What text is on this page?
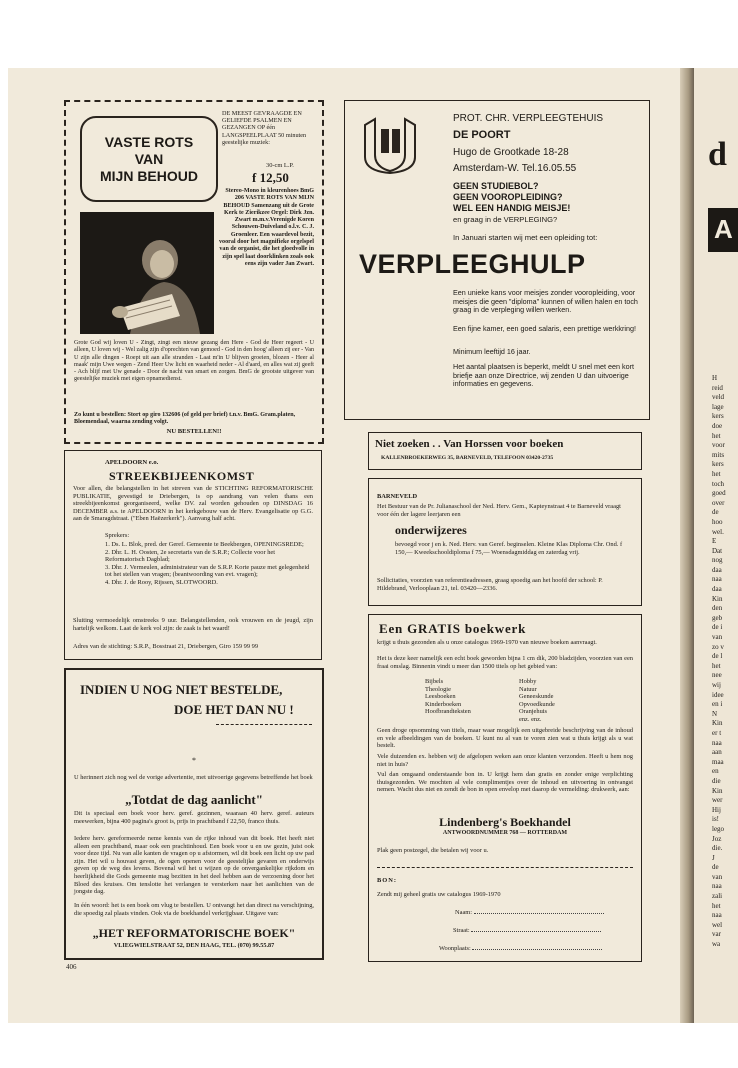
VASTE ROTS
VAN
MIJN BEHOUD
DE MEEST GEVRAAGDE EN GELIEFDE PSALMEN EN GEZANGEN OP één LANGSPEELPLAAT 50 minuten geestelijke muziek:
30-cm L.P.
f 12,50
Stereo-Mono in kleurenhoes BmG 206 VASTE ROTS VAN MIJN BEHOUD Samenzang uit de Grote Kerk te Zierikzee Orgel: Dirk Jzn. Zwart m.m.v.Verenigde Koren Schouwen-Duiveland o.l.v. C. J. Groenleer. Een waardevol bezit, vooral door het magnifieke orgelspel van de organist, die het gloedvolle in zijn spel laat doorklinken zoals ook eens zijn vader Jan Zwart.
Grote God wij loven U - Zingt, zingt een nieuw gezang den Here - God de Heer regeert - U alleen, U loven wij - Wel zalig zijn d'oprechten van gemoed - God in den hoog' alleen zij eer - Van U zijn alle dingen - Roept uit aan alle stranden - Laat m'in U blijven groeien, blozen - Heer al maak' mijn Uwe wegen - Zend Heer Uw licht en waarheid neder - Al d'aard, en alles wat zij geeft - Ach blijf met Uw genade - Door de nacht van smart en zorgen. BmG de grootste uitgever van geestelijke muziek met eigen opnamedienst.
Zo kunt u bestellen: Stort op giro 132606 (of geld per brief) t.n.v. BmG. Gram.platen, Bloemendaal, waarna zending volgt.
NU BESTELLEN!!
APELDOORN e.o.
STREEKBIJEENKOMST
Voor allen, die belangstellen in het streven van de STICHTING REFORMATORISCHE PUBLIKATIE, gevestigd te Driebergen, is op aandrang van velen thans een streekbijeenkomst georganiseerd, welke DV. zal worden gehouden op DINSDAG 16 DECEMBER a.s. te APELDOORN in het kerkgebouw van de Herv. Evangelisatie op G.G. aan de Smaragdstraat. ("Eben Haëzerkerk"). Aanvang half acht.
Sprekers:
1. Ds. L. Blok, pred. der Geref. Gemeente te Beekbergen, OPENINGSREDE;
2. Dhr. L. H. Oosten, 2e secretaris van de S.R.P.; Collecte voor het Reformatorisch Dagblad;
3. Dhr. J. Vermeulen, administrateur van de S.R.P. Korte pauze met gelegenheid tot het stellen van vragen; (beantwoording van evt. vragen);
4. Dhr. J. de Rooy, Rijssen, SLOTWOORD.
Sluiting vermoedelijk omstreeks 9 uur. Belangstellenden, ook vrouwen en de jeugd, zijn hartelijk welkom. Laat de kerk vol zijn: de zaak is het waard!
Adres van de stichting: S.R.P., Bosstraat 21, Driebergen, Giro 159 99 99
INDIEN U NOG NIET BESTELDE,
DOE HET DAN NU !
*
U herinnert zich nog wel de vorige advertentie, met uitvoerige gegevens betreffende het boek
„Totdat de dag aanlicht"
Dit is speciaal een boek voor herv. geref. gezinnen, waaraan 40 herv. geref. auteurs meewerken, bijna 400 pagina's groot is, prijs in prachtband f 22,50, franco thuis.
Iedere herv. gereformeerde neme kennis van de rijke inhoud van dit boek. Het heeft niet alleen een prachtband, maar ook een prachtinhoud. Een boek voor u en uw gezin, juist ook voor deze tijd. Nu van alle kanten de vragen op u afstormen, wil dit boek een licht op uw pad zijn. Het wil u houvast geven, de ogen openen voor de geestelijke gevaren en onderwijs geven op de weg des levens. Bovenal wil het u wijzen op de onvergankelijke rijkdom en heerlijkheid die Gods gemeente mag bezitten in het deel hebben aan de verzoening door het Bloed des kruises. Om tenslotte het verlangen te versterken naar het aanlichten van de jongste dag.
In één woord: het is een boek om vlug te bestellen. U ontvangt het dan direct na verschijning, die spoedig zal plaats vinden. Ook via de boekhandel verkrijgbaar. Uitgave van:
„HET REFORMATORISCHE BOEK"
VLIEGWIELSTRAAT 52, DEN HAAG, TEL. (070) 99.55.87
406
PROT. CHR. VERPLEEGTEHUIS
DE POORT
Hugo de Grootkade 18-28
Amsterdam-W. Tel.16.05.55
GEEN STUDIEBOL?
GEEN VOOROPLEIDING?
WEL EEN HANDIG MEISJE!
en graag in de VERPLEGING?
In Januari starten wij met een opleiding tot:
VERPLEEGHULP
Een unieke kans voor meisjes zonder vooropleiding, voor meisjes die geen "diploma" kunnen of willen halen en toch graag in de verpleging willen werken.
Een fijne kamer, een goed salaris, een prettige werkkring!
Minimum leeftijd 16 jaar.
Het aantal plaatsen is beperkt, meldt U snel met een kort briefje aan onze Directrice, wij zenden U dan uitvoerige informaties en gegevens.
Niet zoeken . . Van Horssen voor boeken
KALLENBROEKERWEG 35, BARNEVELD, TELEFOON 03420-2735
BARNEVELD
Het Bestuur van de Pr. Julianaschool der Ned. Herv. Gem., Kapteynstraat 4 te Barneveld vraagt voor één der lagere leerjaren een
onderwijzeres
bevoegd voor j en k. Ned. Herv. van Geref. beginselen. Kleine Klas Diploma Chr. Ond. f 150,— Kweekschooldiploma f 75,— Woensdagmiddag en zaterdag vrij.
Sollicitaties, voorzien van referentieadressen, graag spoedig aan het hoofd der school: P. Hildebrand, Verlooplaan 21, tel. 03420—2336.
Een GRATIS boekwerk
krijgt u thuis gezonden als u onze catalogus 1969-1970 van nieuwe boeken aanvraagt.
Het is deze keer namelijk een echt boek geworden bijna 1 cm dik, 200 bladzijden, voorzien van een fraai omslag. Binnenin vindt u meer dan 1500 titels op het gebied van:
Bijbels
Theologie
Leesboeken
Kinderboeken
Hoofbrandteksten
Hobby
Natuur
Geneeskunde
Opvoedkunde
Oranjehuis
enz. enz.
Geen droge opsomming van titels, maar waar mogelijk een uitgebreide beschrijving van de inhoud en vele afbeeldingen van de boeken. U kunt nu al van te voren zien wat u thuis krijgt als u wat bestelt.
Vele duizenden ex. hebben wij de afgelopen weken aan onze klanten verzonden. Heeft u hem nog niet in huis?
Vul dan omgaand onderstaande bon in. U krijgt hem dan gratis en zonder enige verplichting thuisgezonden. We mochten al vele complimentjes over de inhoud en uitvoering in ontvangst nemen. Wacht dus niet en zendt de bon in open envelop met daarop de vermelding: drukwerk, aan:
Lindenberg's Boekhandel
ANTWOORDNUMMER 768 — ROTTERDAM
Plak geen postzegel, die betalen wij voor u.
BON:
Zendt mij geheel gratis uw catalogus 1969-1970
Naam:
Straat:
Woonplaats:
d
A
H
reid
veld
lage
kers
doe
het
voor
mits
kers
het
toch
goed
over
de
hoo
wel.
E
Dat
nog
daa
naa
daa
Kin
den
geb
de i
van
zo v
de l
het
nee
wij
idee
en i
N
Kin
er t
naa
aan
maa
en
die
Kin
wer
Hij
is!
lego
Joz
die.
J
de
van
naa
zali
het
naa
wel
var
wa
